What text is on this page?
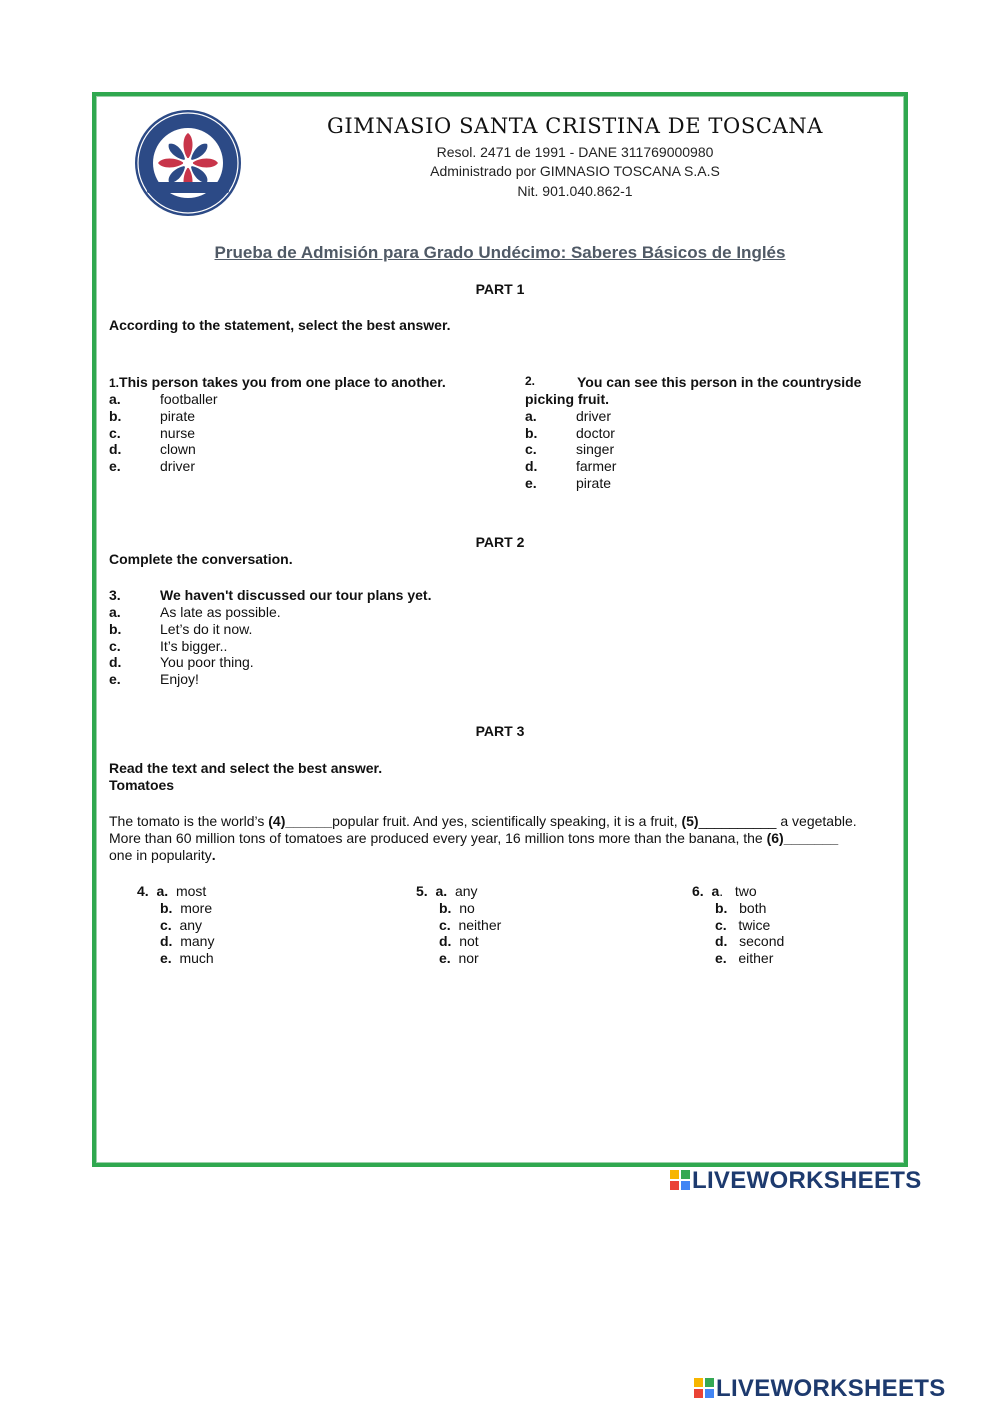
GIMNASIO SANTA CRISTINA DE TOSCANA
Resol. 2471 de 1991 - DANE 311769000980
Administrado por GIMNASIO TOSCANA S.A.S
Nit. 901.040.862-1
Prueba de Admisión para Grado Undécimo: Saberes Básicos de Inglés
PART 1
According to the statement, select the best answer.
1.This person takes you from one place to another.
a.	footballer
b.	pirate
c.	nurse
d.	clown
e.	driver
2.	You can see this person in the countryside
picking fruit.
a.	driver
b.	doctor
c.	singer
d.	farmer
e.	pirate
PART 2
Complete the conversation.
3.	We haven't discussed our tour plans yet.
a.	As late as possible.
b.	Let’s do it now.
c.	It’s bigger..
d.	You poor thing.
e.	Enjoy!
PART 3
Read the text and select the best answer.
Tomatoes
The tomato is the world’s (4)______popular fruit. And yes, scientifically speaking, it is a fruit, (5)__________ a vegetable.
More than 60 million tons of tomatoes are produced every year, 16 million tons more than the banana, the (6)_______
one in popularity.
4. a. most
b. more
c. any
d. many
e. much
5. a. any
b. no
c. neither
d. not
e. nor
6. a.   two
b. both
c. twice
d. second
e. either
LIVEWORKSHEETS
LIVEWORKSHEETS
